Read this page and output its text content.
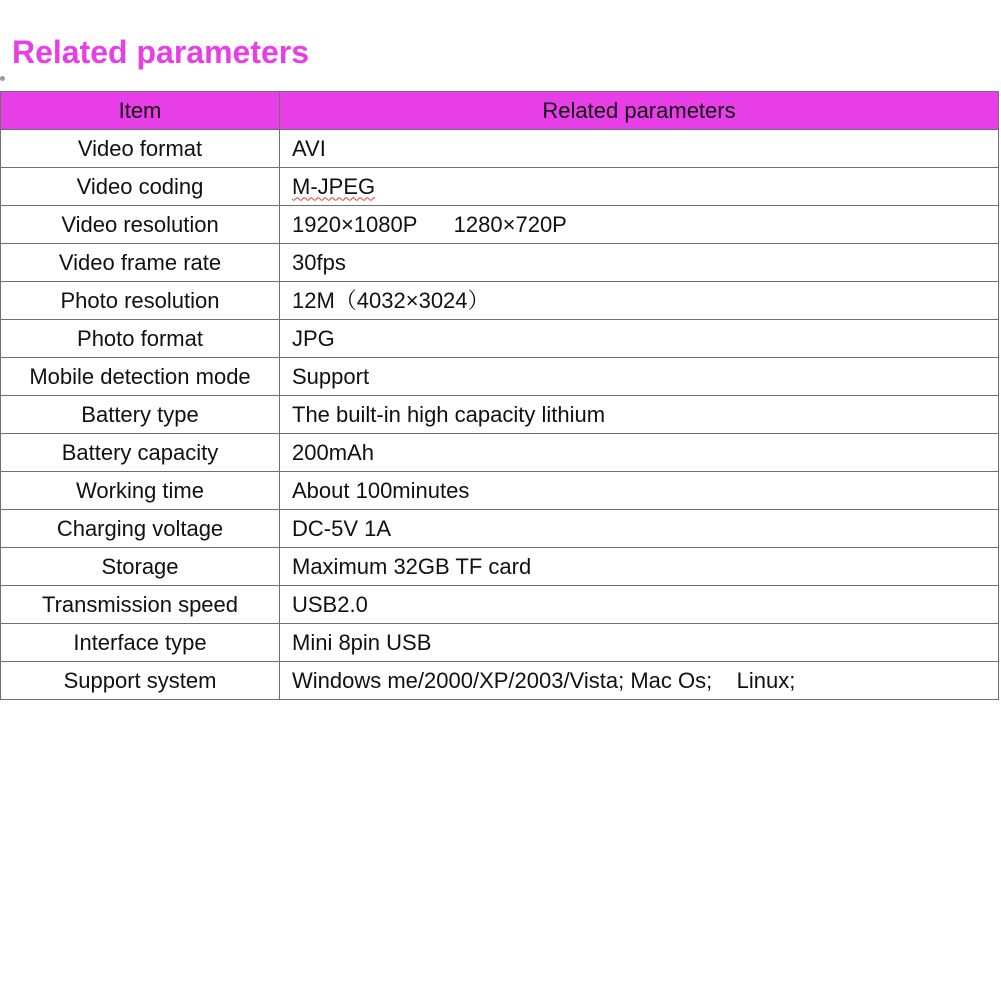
Related parameters
Item	Related parameters
Video format	AVI
Video coding	M-JPEG
Video resolution	1920×1080P      1280×720P
Video frame rate	30fps
Photo resolution	12M（4032×3024）
Photo format	JPG
Mobile detection mode	Support
Battery type	The built-in high capacity lithium
Battery capacity	200mAh
Working time	About 100minutes
Charging voltage	DC-5V 1A
Storage	Maximum 32GB TF card
Transmission speed	USB2.0
Interface type	Mini 8pin USB
Support system	Windows me/2000/XP/2003/Vista; Mac Os;    Linux;
